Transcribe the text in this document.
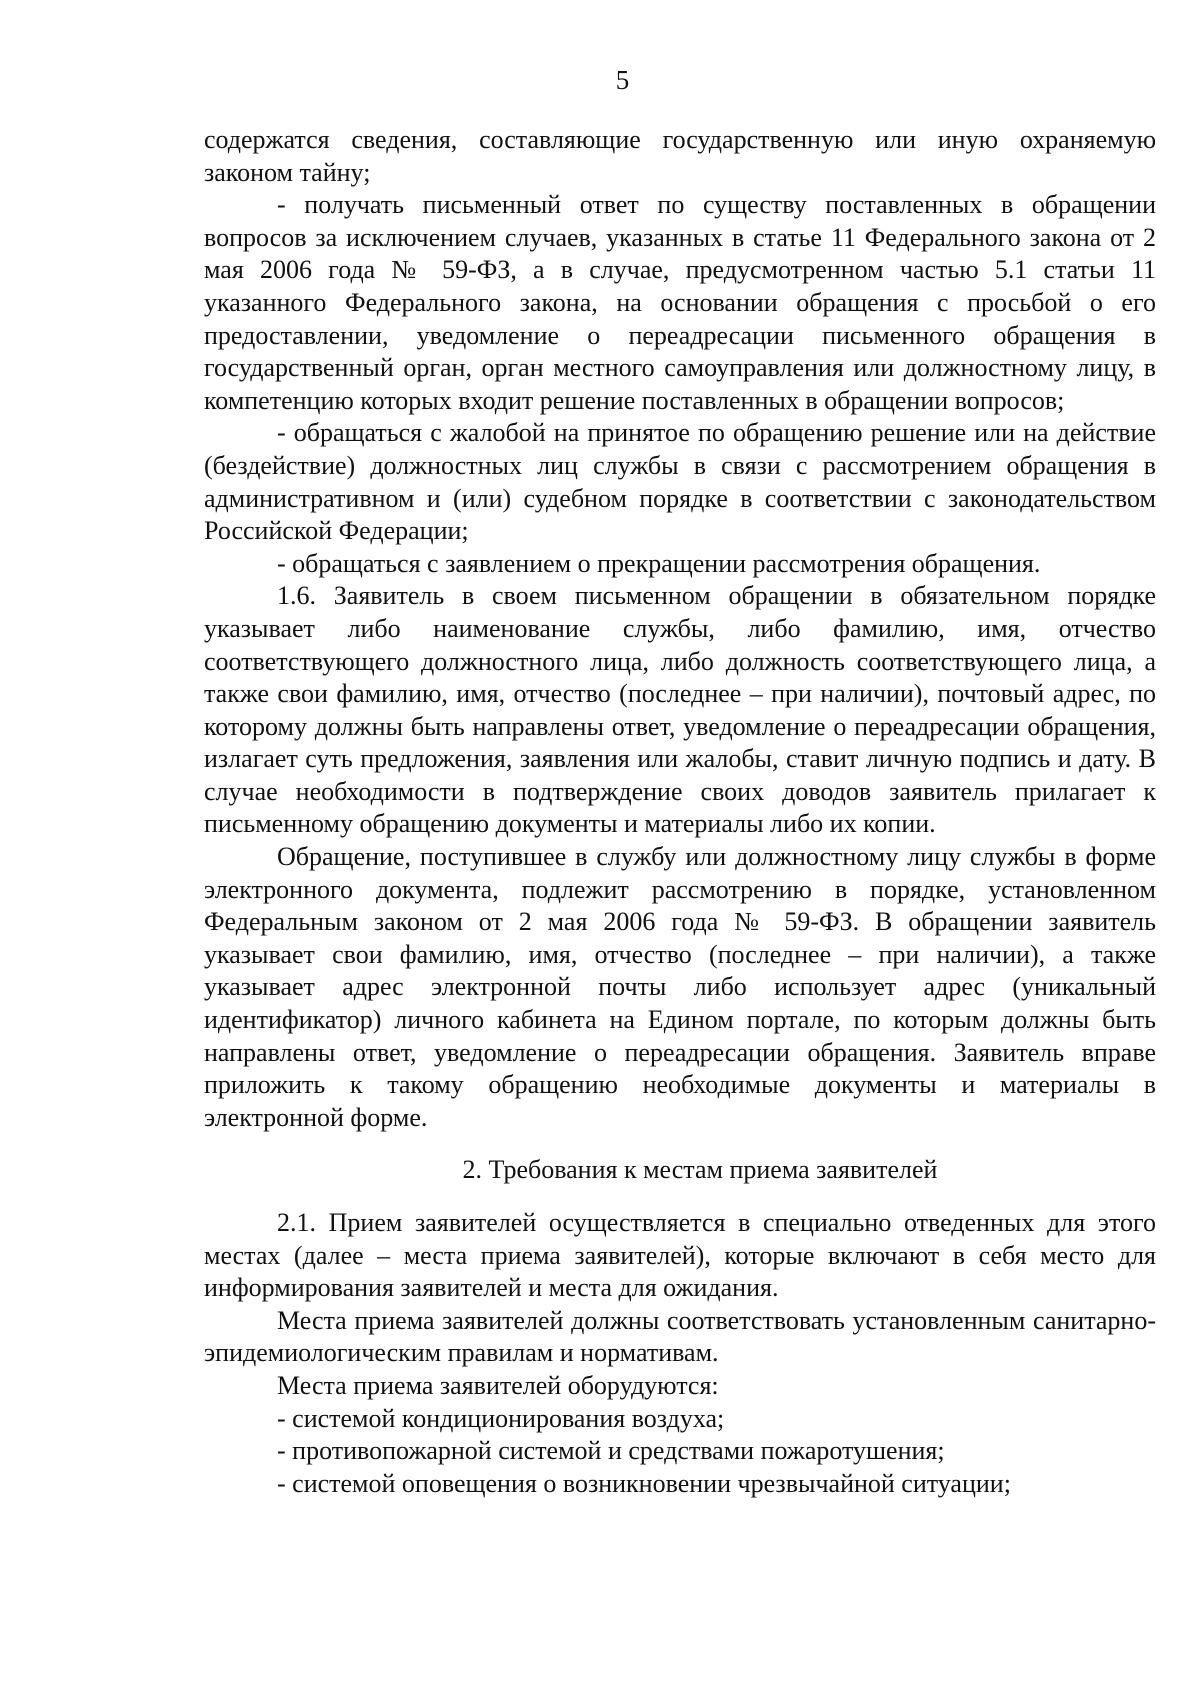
5

содержатся сведения, составляющие государственную или иную охраняемую законом тайну;

- получать письменный ответ по существу поставленных в обращении вопросов за исключением случаев, указанных в статье 11 Федерального закона от 2 мая 2006 года № 59-ФЗ, а в случае, предусмотренном частью 5.1 статьи 11 указанного Федерального закона, на основании обращения с просьбой о его предоставлении, уведомление о переадресации письменного обращения в государственный орган, орган местного самоуправления или должностному лицу, в компетенцию которых входит решение поставленных в обращении вопросов;

- обращаться с жалобой на принятое по обращению решение или на действие (бездействие) должностных лиц службы в связи с рассмотрением обращения в административном и (или) судебном порядке в соответствии с законодательством Российской Федерации;

- обращаться с заявлением о прекращении рассмотрения обращения.

1.6. Заявитель в своем письменном обращении в обязательном порядке указывает либо наименование службы, либо фамилию, имя, отчество соответствующего должностного лица, либо должность соответствующего лица, а также свои фамилию, имя, отчество (последнее – при наличии), почтовый адрес, по которому должны быть направлены ответ, уведомление о переадресации обращения, излагает суть предложения, заявления или жалобы, ставит личную подпись и дату. В случае необходимости в подтверждение своих доводов заявитель прилагает к письменному обращению документы и материалы либо их копии.

Обращение, поступившее в службу или должностному лицу службы в форме электронного документа, подлежит рассмотрению в порядке, установленном Федеральным законом от 2 мая 2006 года № 59-ФЗ. В обращении заявитель указывает свои фамилию, имя, отчество (последнее – при наличии), а также указывает адрес электронной почты либо использует адрес (уникальный идентификатор) личного кабинета на Едином портале, по которым должны быть направлены ответ, уведомление о переадресации обращения. Заявитель вправе приложить к такому обращению необходимые документы и материалы в электронной форме.

2. Требования к местам приема заявителей

2.1. Прием заявителей осуществляется в специально отведенных для этого местах (далее – места приема заявителей), которые включают в себя место для информирования заявителей и места для ожидания.

Места приема заявителей должны соответствовать установленным санитарно-эпидемиологическим правилам и нормативам.

Места приема заявителей оборудуются:

- системой кондиционирования воздуха;

- противопожарной системой и средствами пожаротушения;

- системой оповещения о возникновении чрезвычайной ситуации;
